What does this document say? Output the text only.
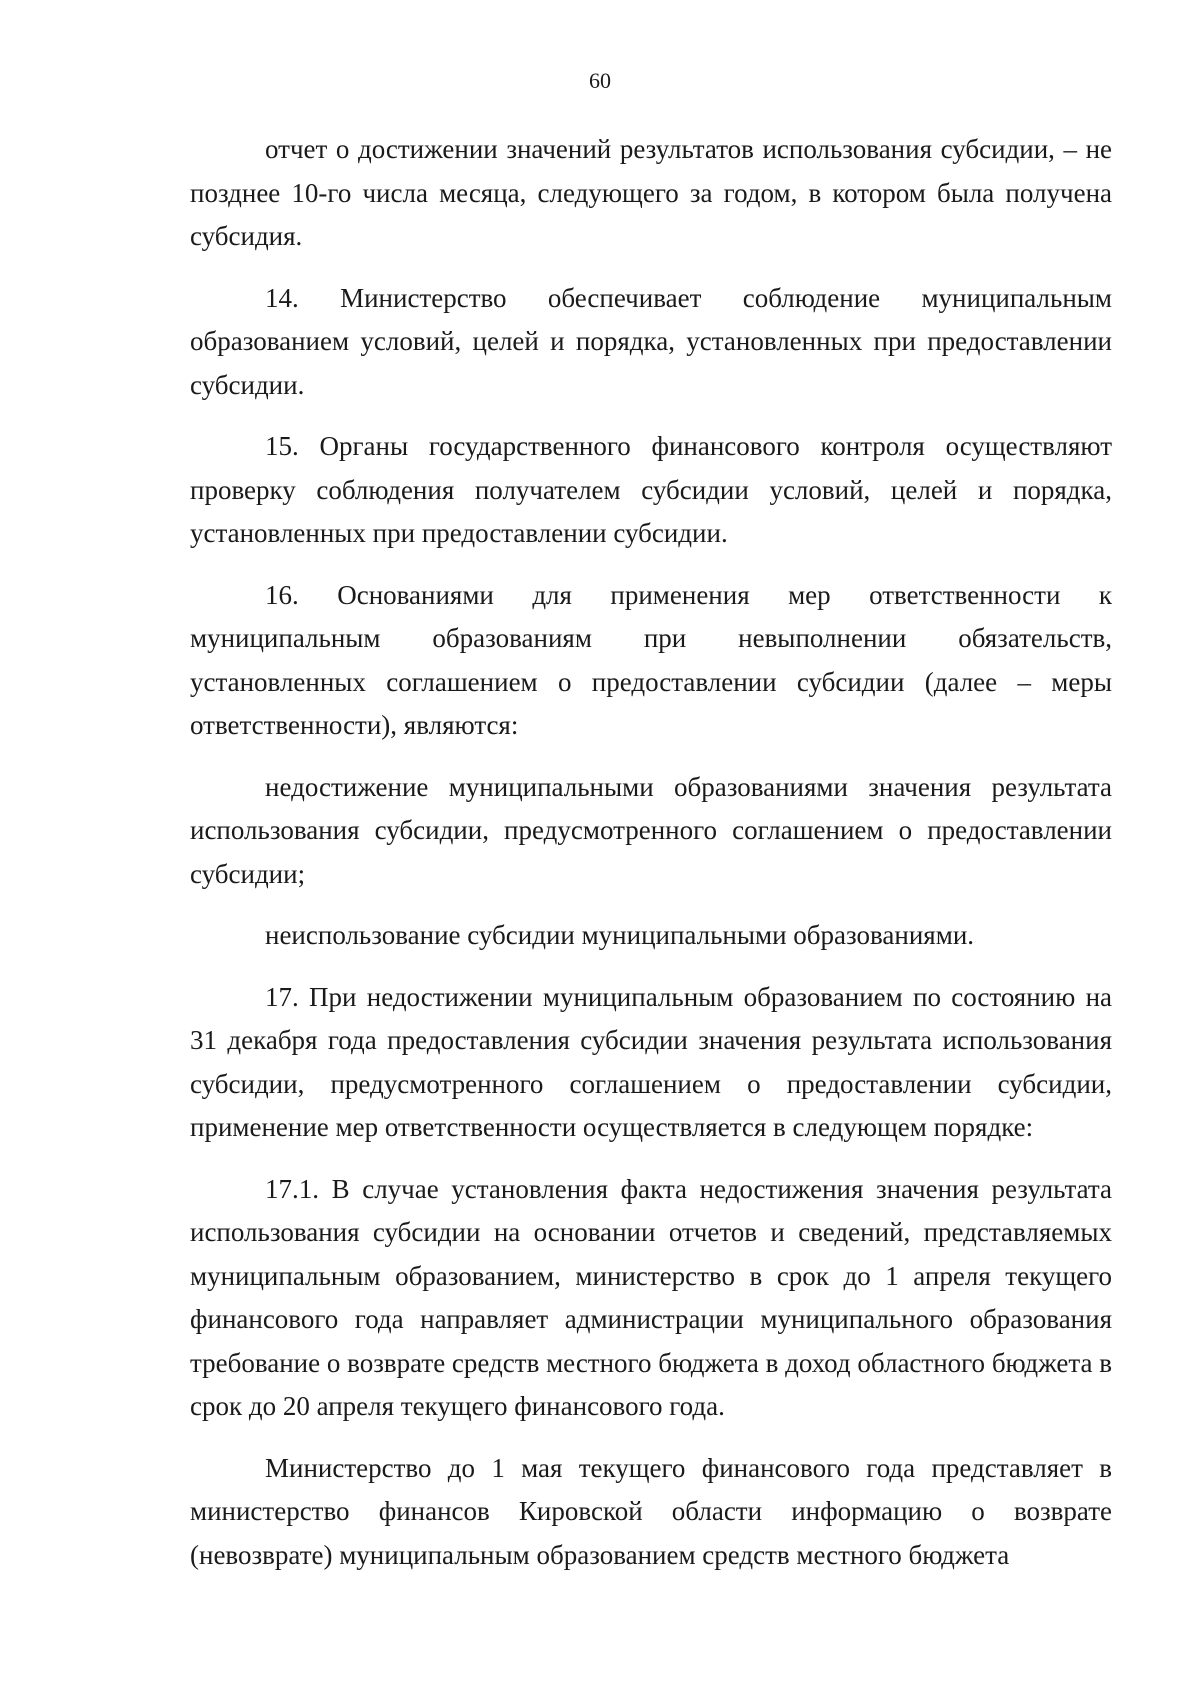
60

отчет о достижении значений результатов использования субсидии, – не позднее 10-го числа месяца, следующего за годом, в котором была получена субсидия.

14. Министерство обеспечивает соблюдение муниципальным образованием условий, целей и порядка, установленных при предоставлении субсидии.

15. Органы государственного финансового контроля осуществляют проверку соблюдения получателем субсидии условий, целей и порядка, установленных при предоставлении субсидии.

16. Основаниями для применения мер ответственности к муниципальным образованиям при невыполнении обязательств, установленных соглашением о предоставлении субсидии (далее – меры ответственности), являются:

недостижение муниципальными образованиями значения результата использования субсидии, предусмотренного соглашением о предоставлении субсидии;

неиспользование субсидии муниципальными образованиями.

17. При недостижении муниципальным образованием по состоянию на 31 декабря года предоставления субсидии значения результата использования субсидии, предусмотренного соглашением о предоставлении субсидии, применение мер ответственности осуществляется в следующем порядке:

17.1. В случае установления факта недостижения значения результата использования субсидии на основании отчетов и сведений, представляемых муниципальным образованием, министерство в срок до 1 апреля текущего финансового года направляет администрации муниципального образования требование о возврате средств местного бюджета в доход областного бюджета в срок до 20 апреля текущего финансового года.

Министерство до 1 мая текущего финансового года представляет в министерство финансов Кировской области информацию о возврате (невозврате) муниципальным образованием средств местного бюджета
